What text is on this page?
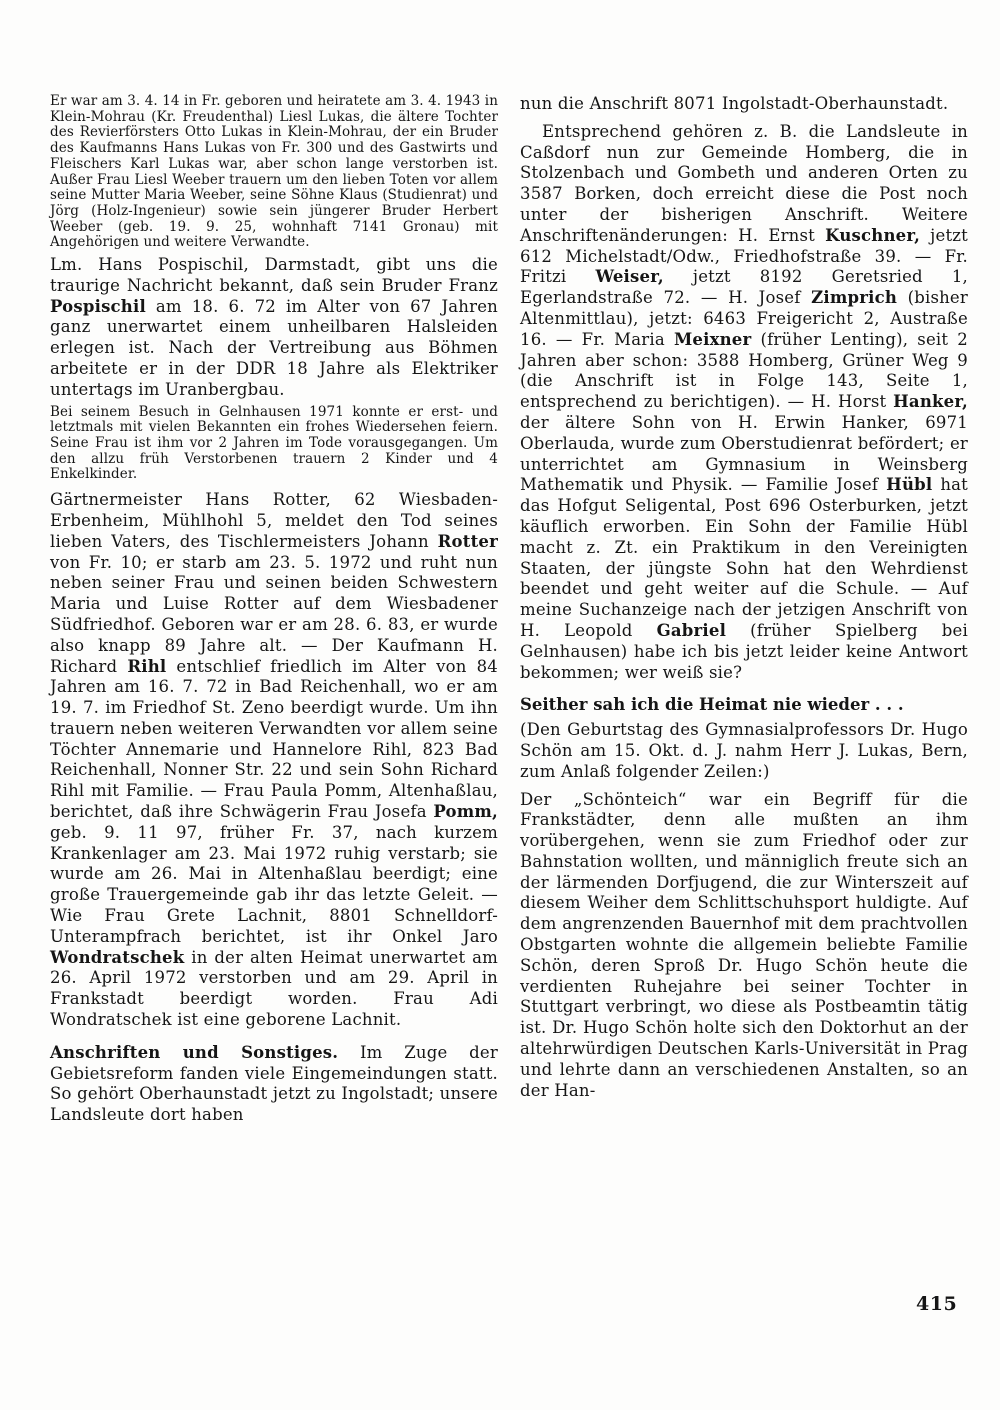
Er war am 3. 4. 14 in Fr. geboren und heiratete am 3. 4. 1943 in Klein-Mohrau (Kr. Freudenthal) Liesl Lukas, die ältere Tochter des Revierförsters Otto Lukas in Klein-Mohrau, der ein Bruder des Kaufmanns Hans Lukas von Fr. 300 und des Gastwirts und Fleischers Karl Lukas war, aber schon lange verstorben ist. Außer Frau Liesl Weeber trauern um den lieben Toten vor allem seine Mutter Maria Weeber, seine Söhne Klaus (Studienrat) und Jörg (Holz-Ingenieur) sowie sein jüngerer Bruder Herbert Weeber (geb. 19. 9. 25, wohnhaft 7141 Gronau) mit Angehörigen und weitere Verwandte.

Lm. Hans Pospischil, Darmstadt, gibt uns die traurige Nachricht bekannt, daß sein Bruder Franz Pospischil am 18. 6. 72 im Alter von 67 Jahren ganz unerwartet einem unheilbaren Halsleiden erlegen ist. Nach der Vertreibung aus Böhmen arbeitete er in der DDR 18 Jahre als Elektriker untertags im Uranbergbau.

Bei seinem Besuch in Gelnhausen 1971 konnte er erst- und letztmals mit vielen Bekannten ein frohes Wiedersehen feiern. Seine Frau ist ihm vor 2 Jahren im Tode vorausgegangen. Um den allzu früh Verstorbenen trauern 2 Kinder und 4 Enkelkinder.

Gärtnermeister Hans Rotter, 62 Wiesbaden-Erbenheim, Mühlhohl 5, meldet den Tod seines lieben Vaters, des Tischlermeisters Johann Rotter von Fr. 10; er starb am 23. 5. 1972 und ruht nun neben seiner Frau und seinen beiden Schwestern Maria und Luise Rotter auf dem Wiesbadener Südfriedhof. Geboren war er am 28. 6. 83, er wurde also knapp 89 Jahre alt. — Der Kaufmann H. Richard Rihl entschlief friedlich im Alter von 84 Jahren am 16. 7. 72 in Bad Reichenhall, wo er am 19. 7. im Friedhof St. Zeno beerdigt wurde. Um ihn trauern neben weiteren Verwandten vor allem seine Töchter Annemarie und Hannelore Rihl, 823 Bad Reichenhall, Nonner Str. 22 und sein Sohn Richard Rihl mit Familie. — Frau Paula Pomm, Altenhaßlau, berichtet, daß ihre Schwägerin Frau Josefa Pomm, geb. 9. 11 97, früher Fr. 37, nach kurzem Krankenlager am 23. Mai 1972 ruhig verstarb; sie wurde am 26. Mai in Altenhaßlau beerdigt; eine große Trauergemeinde gab ihr das letzte Geleit. — Wie Frau Grete Lachnit, 8801 Schnelldorf-Unterampfrach berichtet, ist ihr Onkel Jaro Wondratschek in der alten Heimat unerwartet am 26. April 1972 verstorben und am 29. April in Frankstadt beerdigt worden. Frau Adi Wondratschek ist eine geborene Lachnit.

Anschriften und Sonstiges. Im Zuge der Gebietsreform fanden viele Eingemeindungen statt. So gehört Oberhaunstadt jetzt zu Ingolstadt; unsere Landsleute dort haben

nun die Anschrift 8071 Ingolstadt-Oberhaunstadt.

Entsprechend gehören z. B. die Landsleute in Caßdorf nun zur Gemeinde Homberg, die in Stolzenbach und Gombeth und anderen Orten zu 3587 Borken, doch erreicht diese die Post noch unter der bisherigen Anschrift. Weitere Anschriftenänderungen: H. Ernst Kuschner, jetzt 612 Michelstadt/Odw., Friedhofstraße 39. — Fr. Fritzi Weiser, jetzt 8192 Geretsried 1, Egerlandstraße 72. — H. Josef Zimprich (bisher Altenmittlau), jetzt: 6463 Freigericht 2, Austraße 16. — Fr. Maria Meixner (früher Lenting), seit 2 Jahren aber schon: 3588 Homberg, Grüner Weg 9 (die Anschrift ist in Folge 143, Seite 1, entsprechend zu berichtigen). — H. Horst Hanker, der ältere Sohn von H. Erwin Hanker, 6971 Oberlauda, wurde zum Oberstudienrat befördert; er unterrichtet am Gymnasium in Weinsberg Mathematik und Physik. — Familie Josef Hübl hat das Hofgut Seligental, Post 696 Osterburken, jetzt käuflich erworben. Ein Sohn der Familie Hübl macht z. Zt. ein Praktikum in den Vereinigten Staaten, der jüngste Sohn hat den Wehrdienst beendet und geht weiter auf die Schule. — Auf meine Suchanzeige nach der jetzigen Anschrift von H. Leopold Gabriel (früher Spielberg bei Gelnhausen) habe ich bis jetzt leider keine Antwort bekommen; wer weiß sie?

Seither sah ich die Heimat nie wieder . . .

(Den Geburtstag des Gymnasialprofessors Dr. Hugo Schön am 15. Okt. d. J. nahm Herr J. Lukas, Bern, zum Anlaß folgender Zeilen:)

Der „Schönteich“ war ein Begriff für die Frankstädter, denn alle mußten an ihm vorübergehen, wenn sie zum Friedhof oder zur Bahnstation wollten, und männiglich freute sich an der lärmenden Dorfjugend, die zur Winterszeit auf diesem Weiher dem Schlittschuhsport huldigte. Auf dem angrenzenden Bauernhof mit dem prachtvollen Obstgarten wohnte die allgemein beliebte Familie Schön, deren Sproß Dr. Hugo Schön heute die verdienten Ruhejahre bei seiner Tochter in Stuttgart verbringt, wo diese als Postbeamtin tätig ist. Dr. Hugo Schön holte sich den Doktorhut an der altehrwürdigen Deutschen Karls-Universität in Prag und lehrte dann an verschiedenen Anstalten, so an der Han-

415
